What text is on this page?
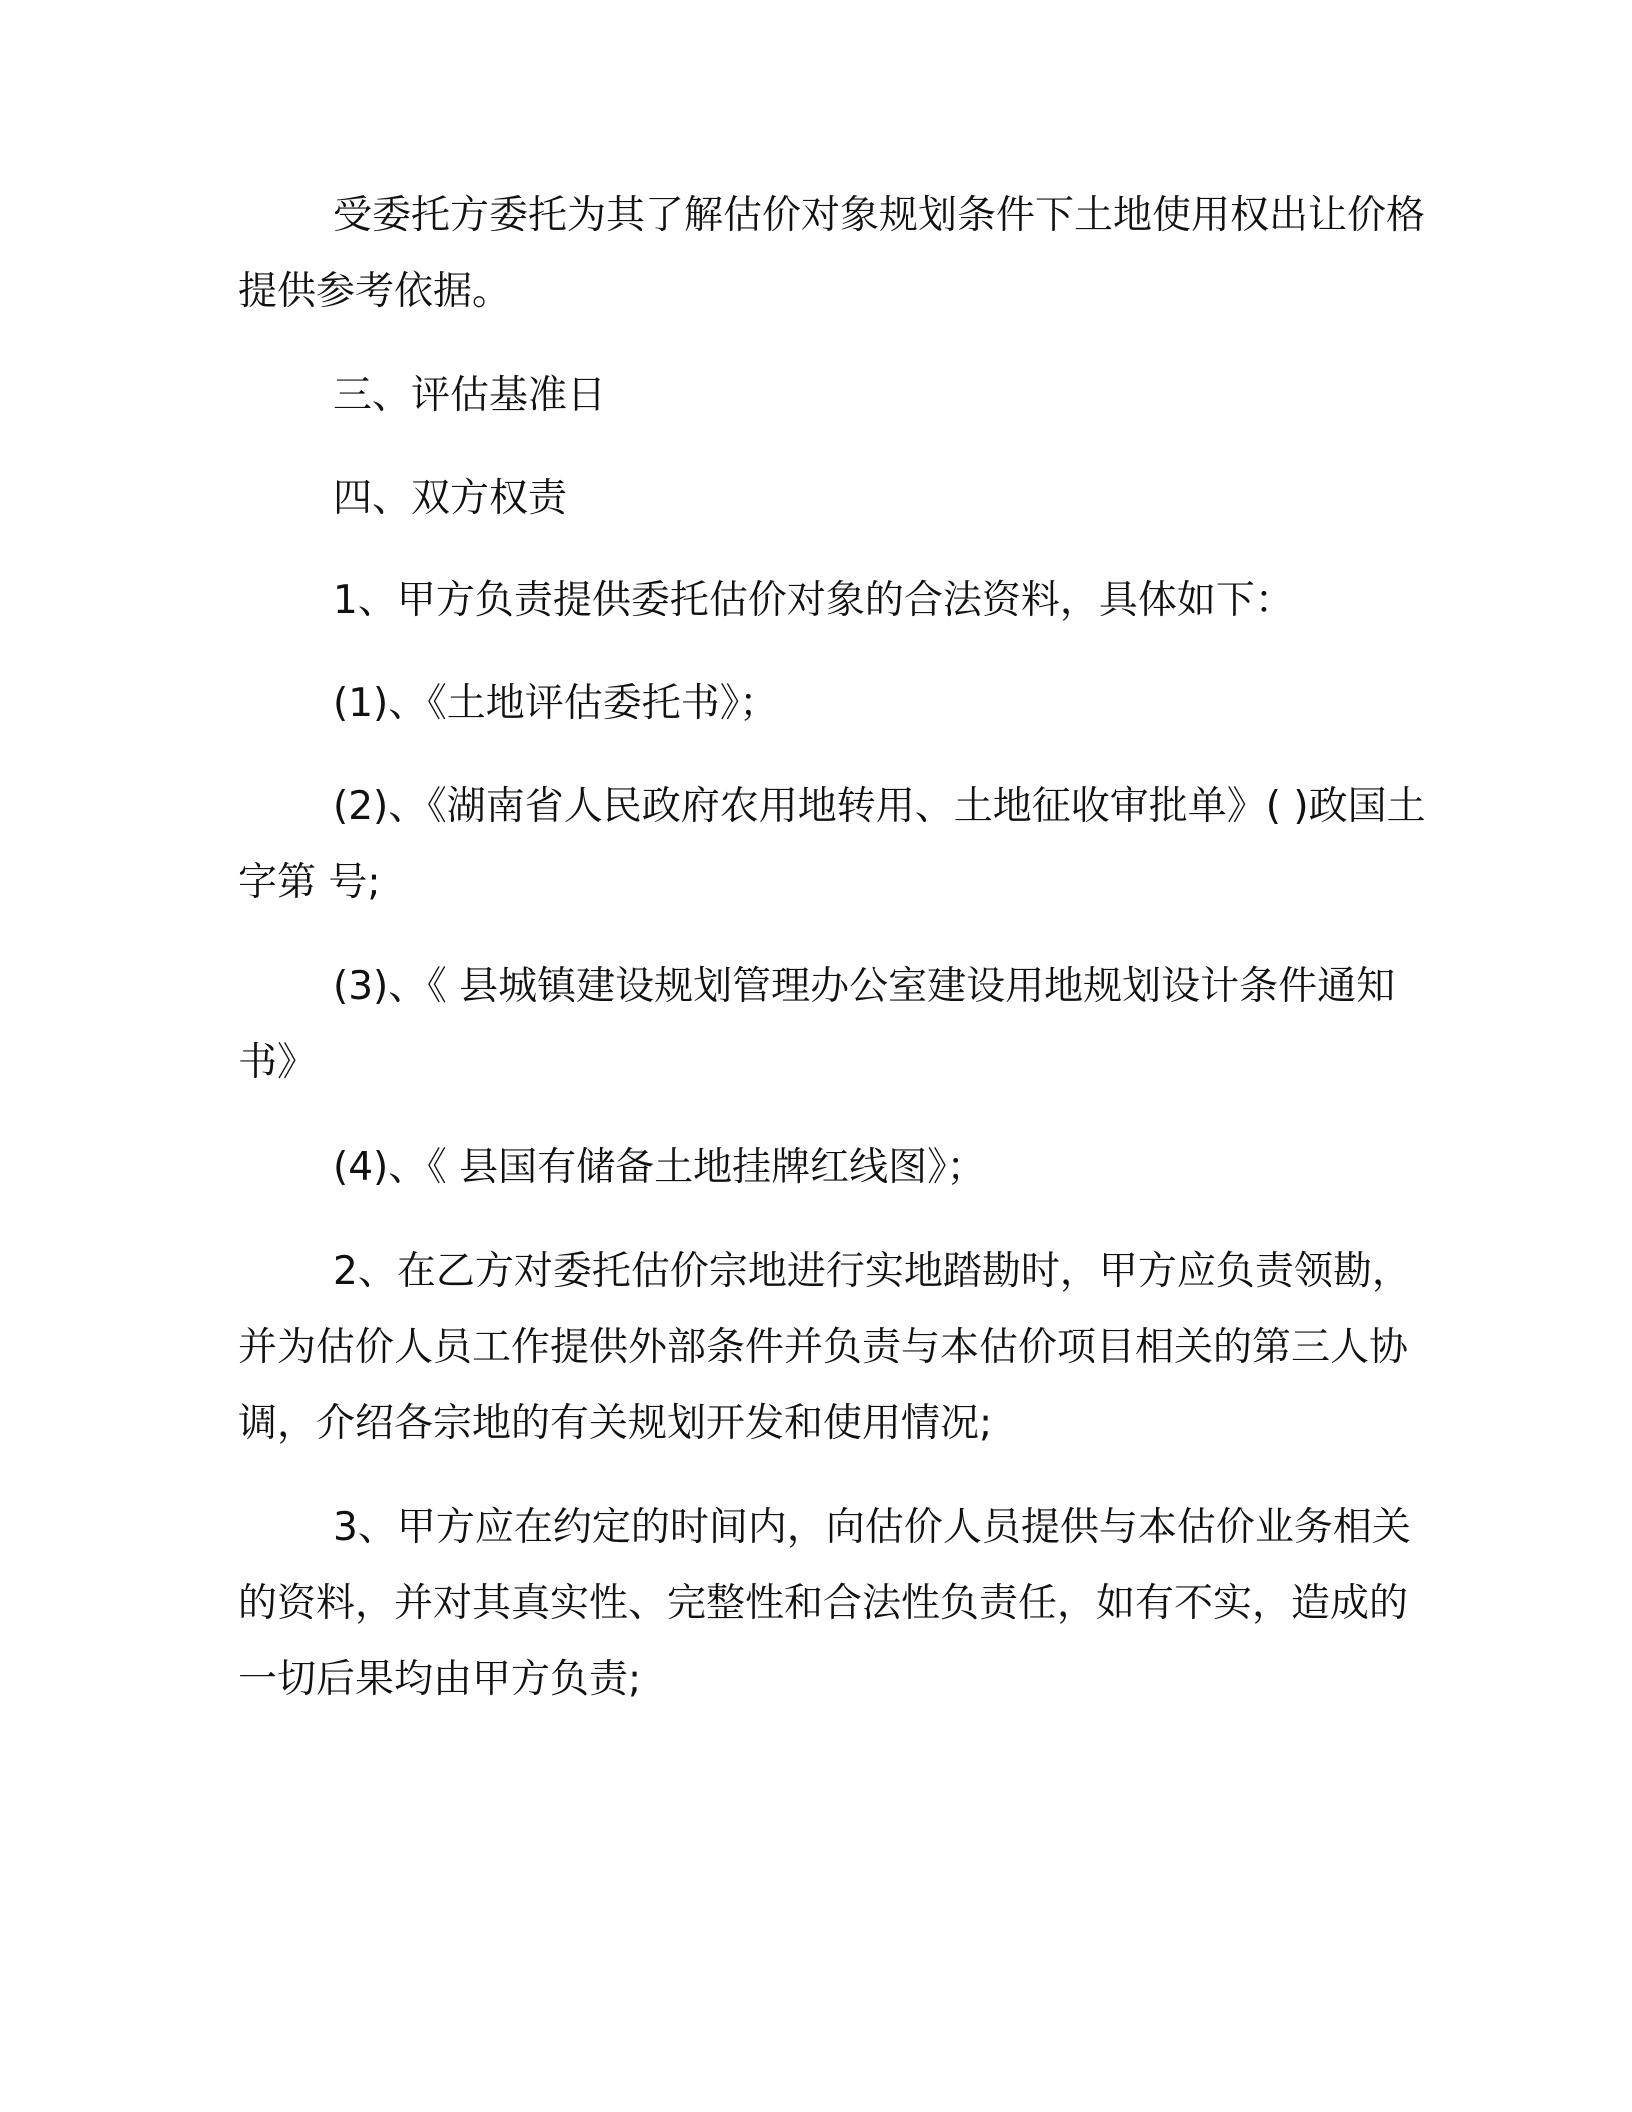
受委托方委托为其了解估价对象规划条件下土地使用权出让价格
提供参考依据。
三、评估基准日
四、双方权责
1、甲方负责提供委托估价对象的合法资料，具体如下：
(1)、《土地评估委托书》；
(2)、《湖南省人民政府农用地转用、土地征收审批单》( )政国土
字第 号;
(3)、《 县城镇建设规划管理办公室建设用地规划设计条件通知
书》
(4)、《 县国有储备土地挂牌红线图》；
2、在乙方对委托估价宗地进行实地踏勘时，甲方应负责领勘，
并为估价人员工作提供外部条件并负责与本估价项目相关的第三人协
调，介绍各宗地的有关规划开发和使用情况;
3、甲方应在约定的时间内，向估价人员提供与本估价业务相关
的资料，并对其真实性、完整性和合法性负责任，如有不实，造成的
一切后果均由甲方负责;
